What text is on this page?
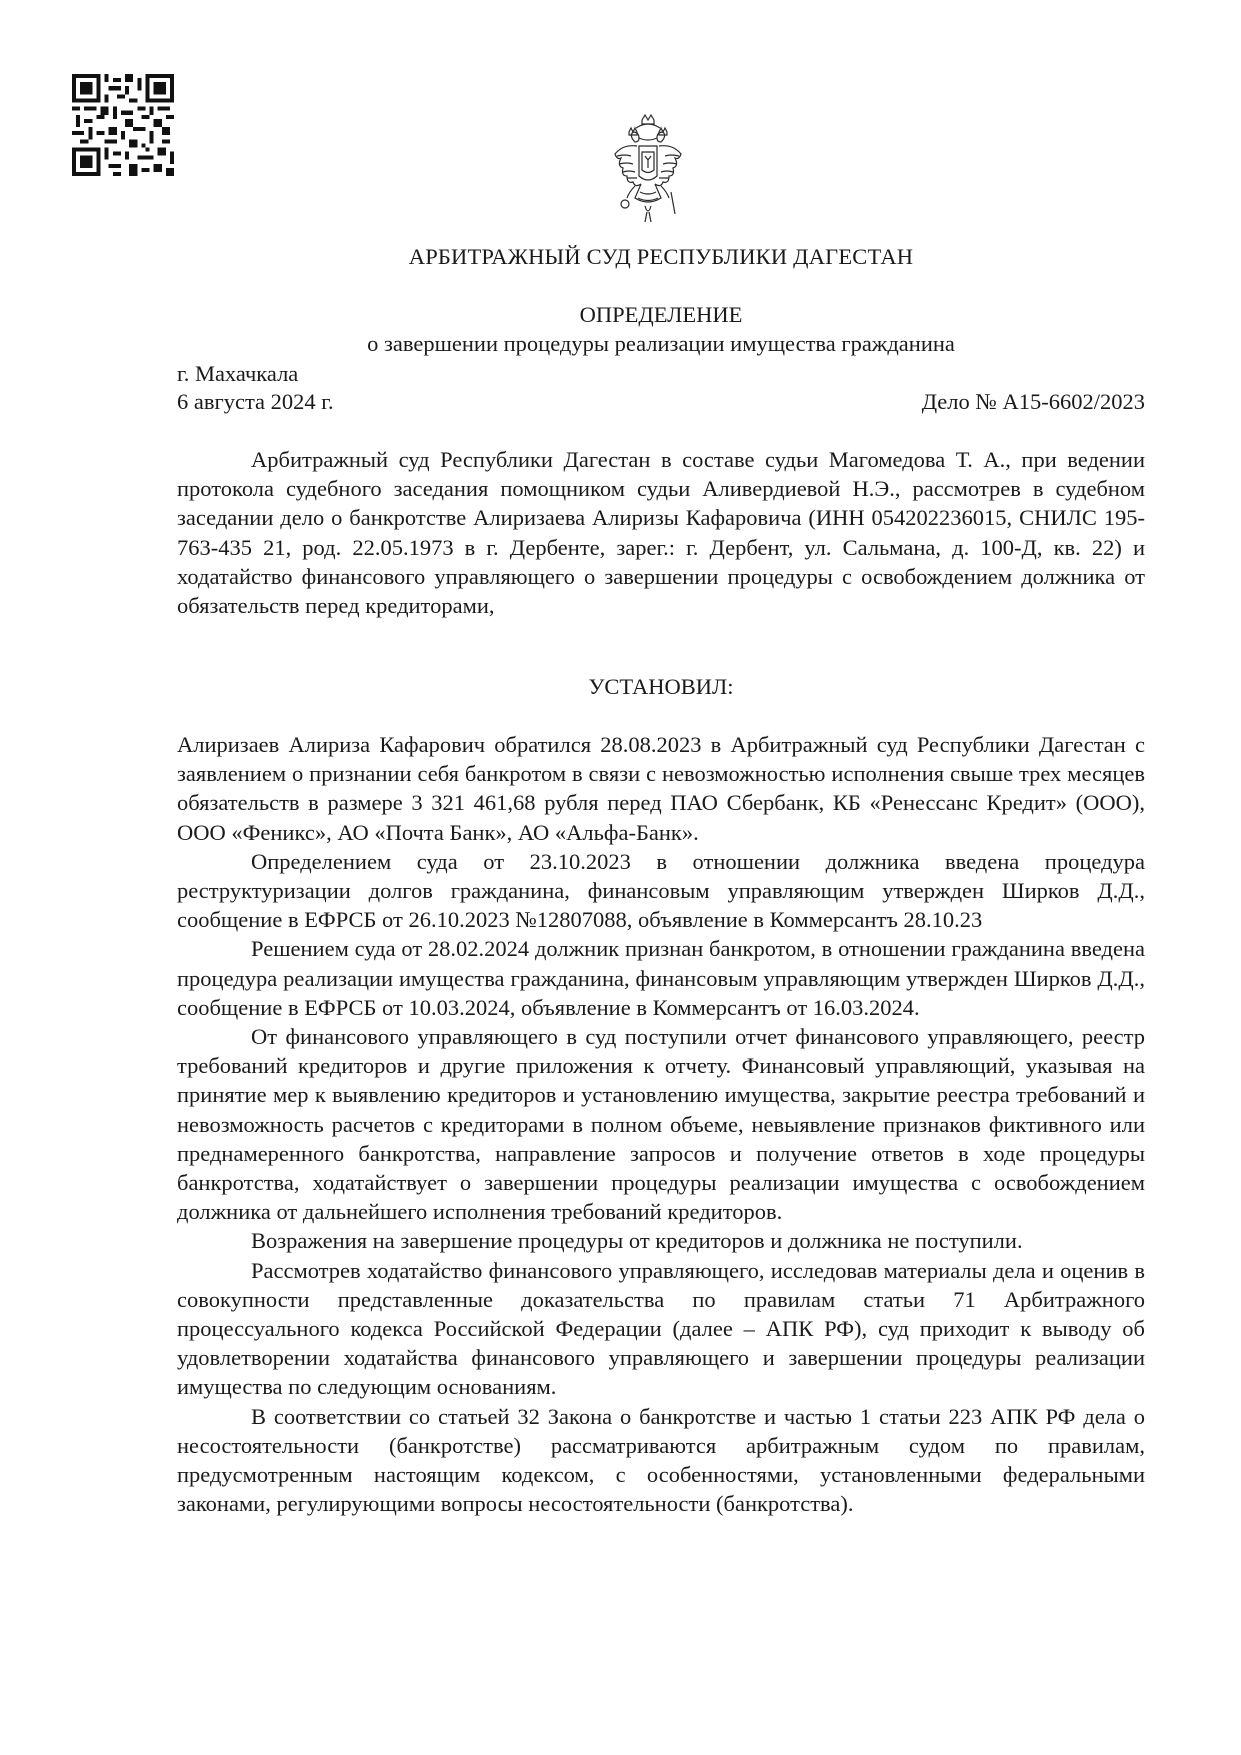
АРБИТРАЖНЫЙ СУД РЕСПУБЛИКИ ДАГЕСТАН
ОПРЕДЕЛЕНИЕ
о завершении процедуры реализации имущества гражданина
г. Махачкала
6 августа 2024 г.	Дело № А15-6602/2023

Арбитражный суд Республики Дагестан в составе судьи Магомедова Т. А., при ведении протокола судебного заседания помощником судьи Аливердиевой Н.Э., рассмотрев в судебном заседании дело о банкротстве Алиризаева Алиризы Кафаровича (ИНН 054202236015, СНИЛС 195-763-435 21, род. 22.05.1973 в г. Дербенте, зарег.: г. Дербент, ул. Сальмана, д. 100-Д, кв. 22) и ходатайство финансового управляющего о завершении процедуры с освобождением должника от обязательств перед кредиторами,

УСТАНОВИЛ:

Алиризаев Алириза Кафарович обратился 28.08.2023 в Арбитражный суд Республики Дагестан с заявлением о признании себя банкротом в связи с невозможностью исполнения свыше трех месяцев обязательств в размере 3 321 461,68 рубля перед ПАО Сбербанк, КБ «Ренессанс Кредит» (ООО), ООО «Феникс», АО «Почта Банк», АО «Альфа-Банк».

Определением суда от 23.10.2023 в отношении должника введена процедура реструктуризации долгов гражданина, финансовым управляющим утвержден Ширков Д.Д., сообщение в ЕФРСБ от 26.10.2023 №12807088, объявление в Коммерсантъ 28.10.23

Решением суда от 28.02.2024 должник признан банкротом, в отношении гражданина введена процедура реализации имущества гражданина, финансовым управляющим утвержден Ширков Д.Д., сообщение в ЕФРСБ от 10.03.2024, объявление в Коммерсантъ от 16.03.2024.

От финансового управляющего в суд поступили отчет финансового управляющего, реестр требований кредиторов и другие приложения к отчету. Финансовый управляющий, указывая на принятие мер к выявлению кредиторов и установлению имущества, закрытие реестра требований и невозможность расчетов с кредиторами в полном объеме, невыявление признаков фиктивного или преднамеренного банкротства, направление запросов и получение ответов в ходе процедуры банкротства, ходатайствует о завершении процедуры реализации имущества с освобождением должника от дальнейшего исполнения требований кредиторов.

Возражения на завершение процедуры от кредиторов и должника не поступили.

Рассмотрев ходатайство финансового управляющего, исследовав материалы дела и оценив в совокупности представленные доказательства по правилам статьи 71 Арбитражного процессуального кодекса Российской Федерации (далее – АПК РФ), суд приходит к выводу об удовлетворении ходатайства финансового управляющего и завершении процедуры реализации имущества по следующим основаниям.

В соответствии со статьей 32 Закона о банкротстве и частью 1 статьи 223 АПК РФ дела о несостоятельности (банкротстве) рассматриваются арбитражным судом по правилам, предусмотренным настоящим кодексом, с особенностями, установленными федеральными законами, регулирующими вопросы несостоятельности (банкротства).
